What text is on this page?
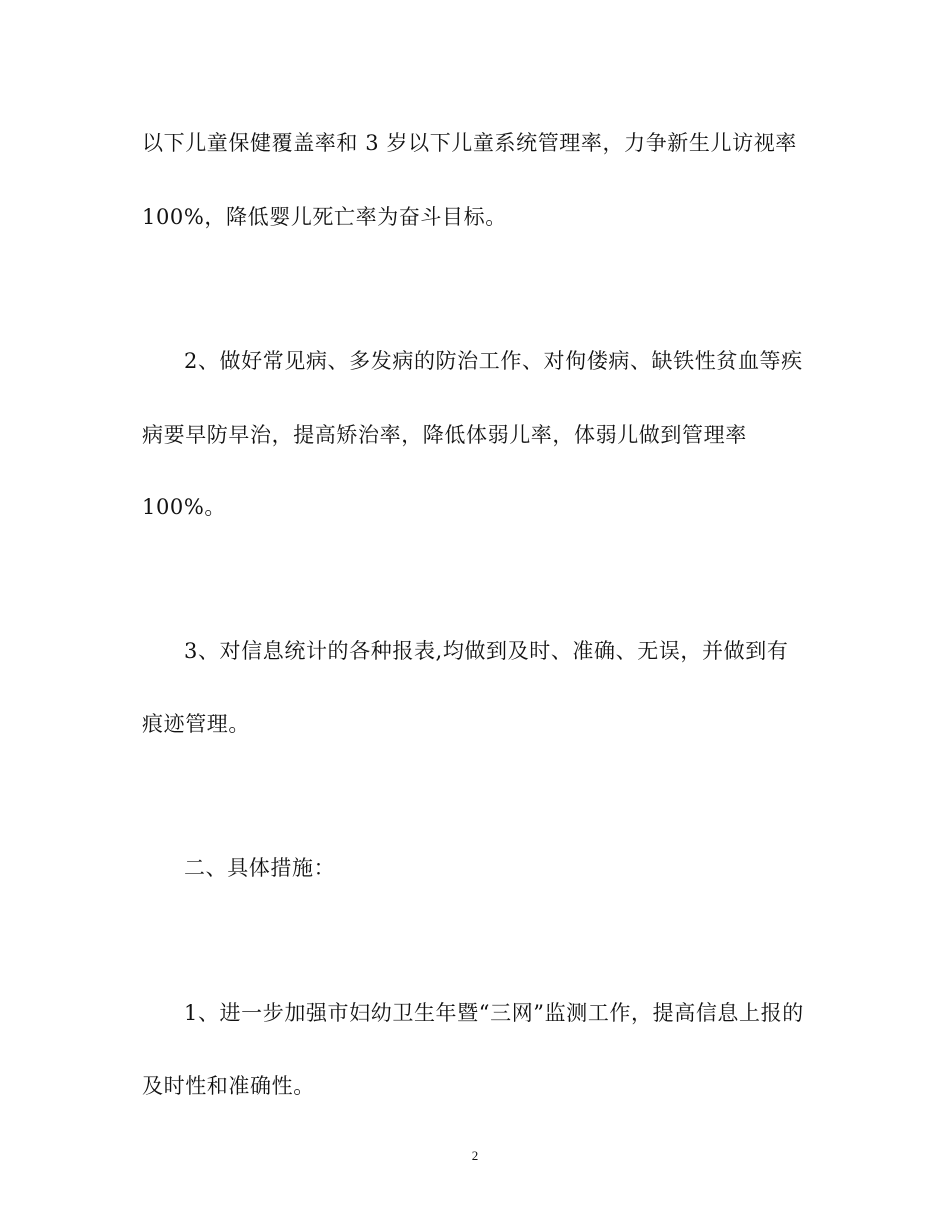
以下儿童保健覆盖率和 3 岁以下儿童系统管理率，力争新生儿访视率
100%，降低婴儿死亡率为奋斗目标。
2、做好常见病、多发病的防治工作、对佝偻病、缺铁性贫血等疾
病要早防早治，提高矫治率，降低体弱儿率，体弱儿做到管理率
100%。
3、对信息统计的各种报表,均做到及时、准确、无误，并做到有
痕迹管理。
二、具体措施：
1、进一步加强市妇幼卫生年暨“三网”监测工作，提高信息上报的
及时性和准确性。
2
